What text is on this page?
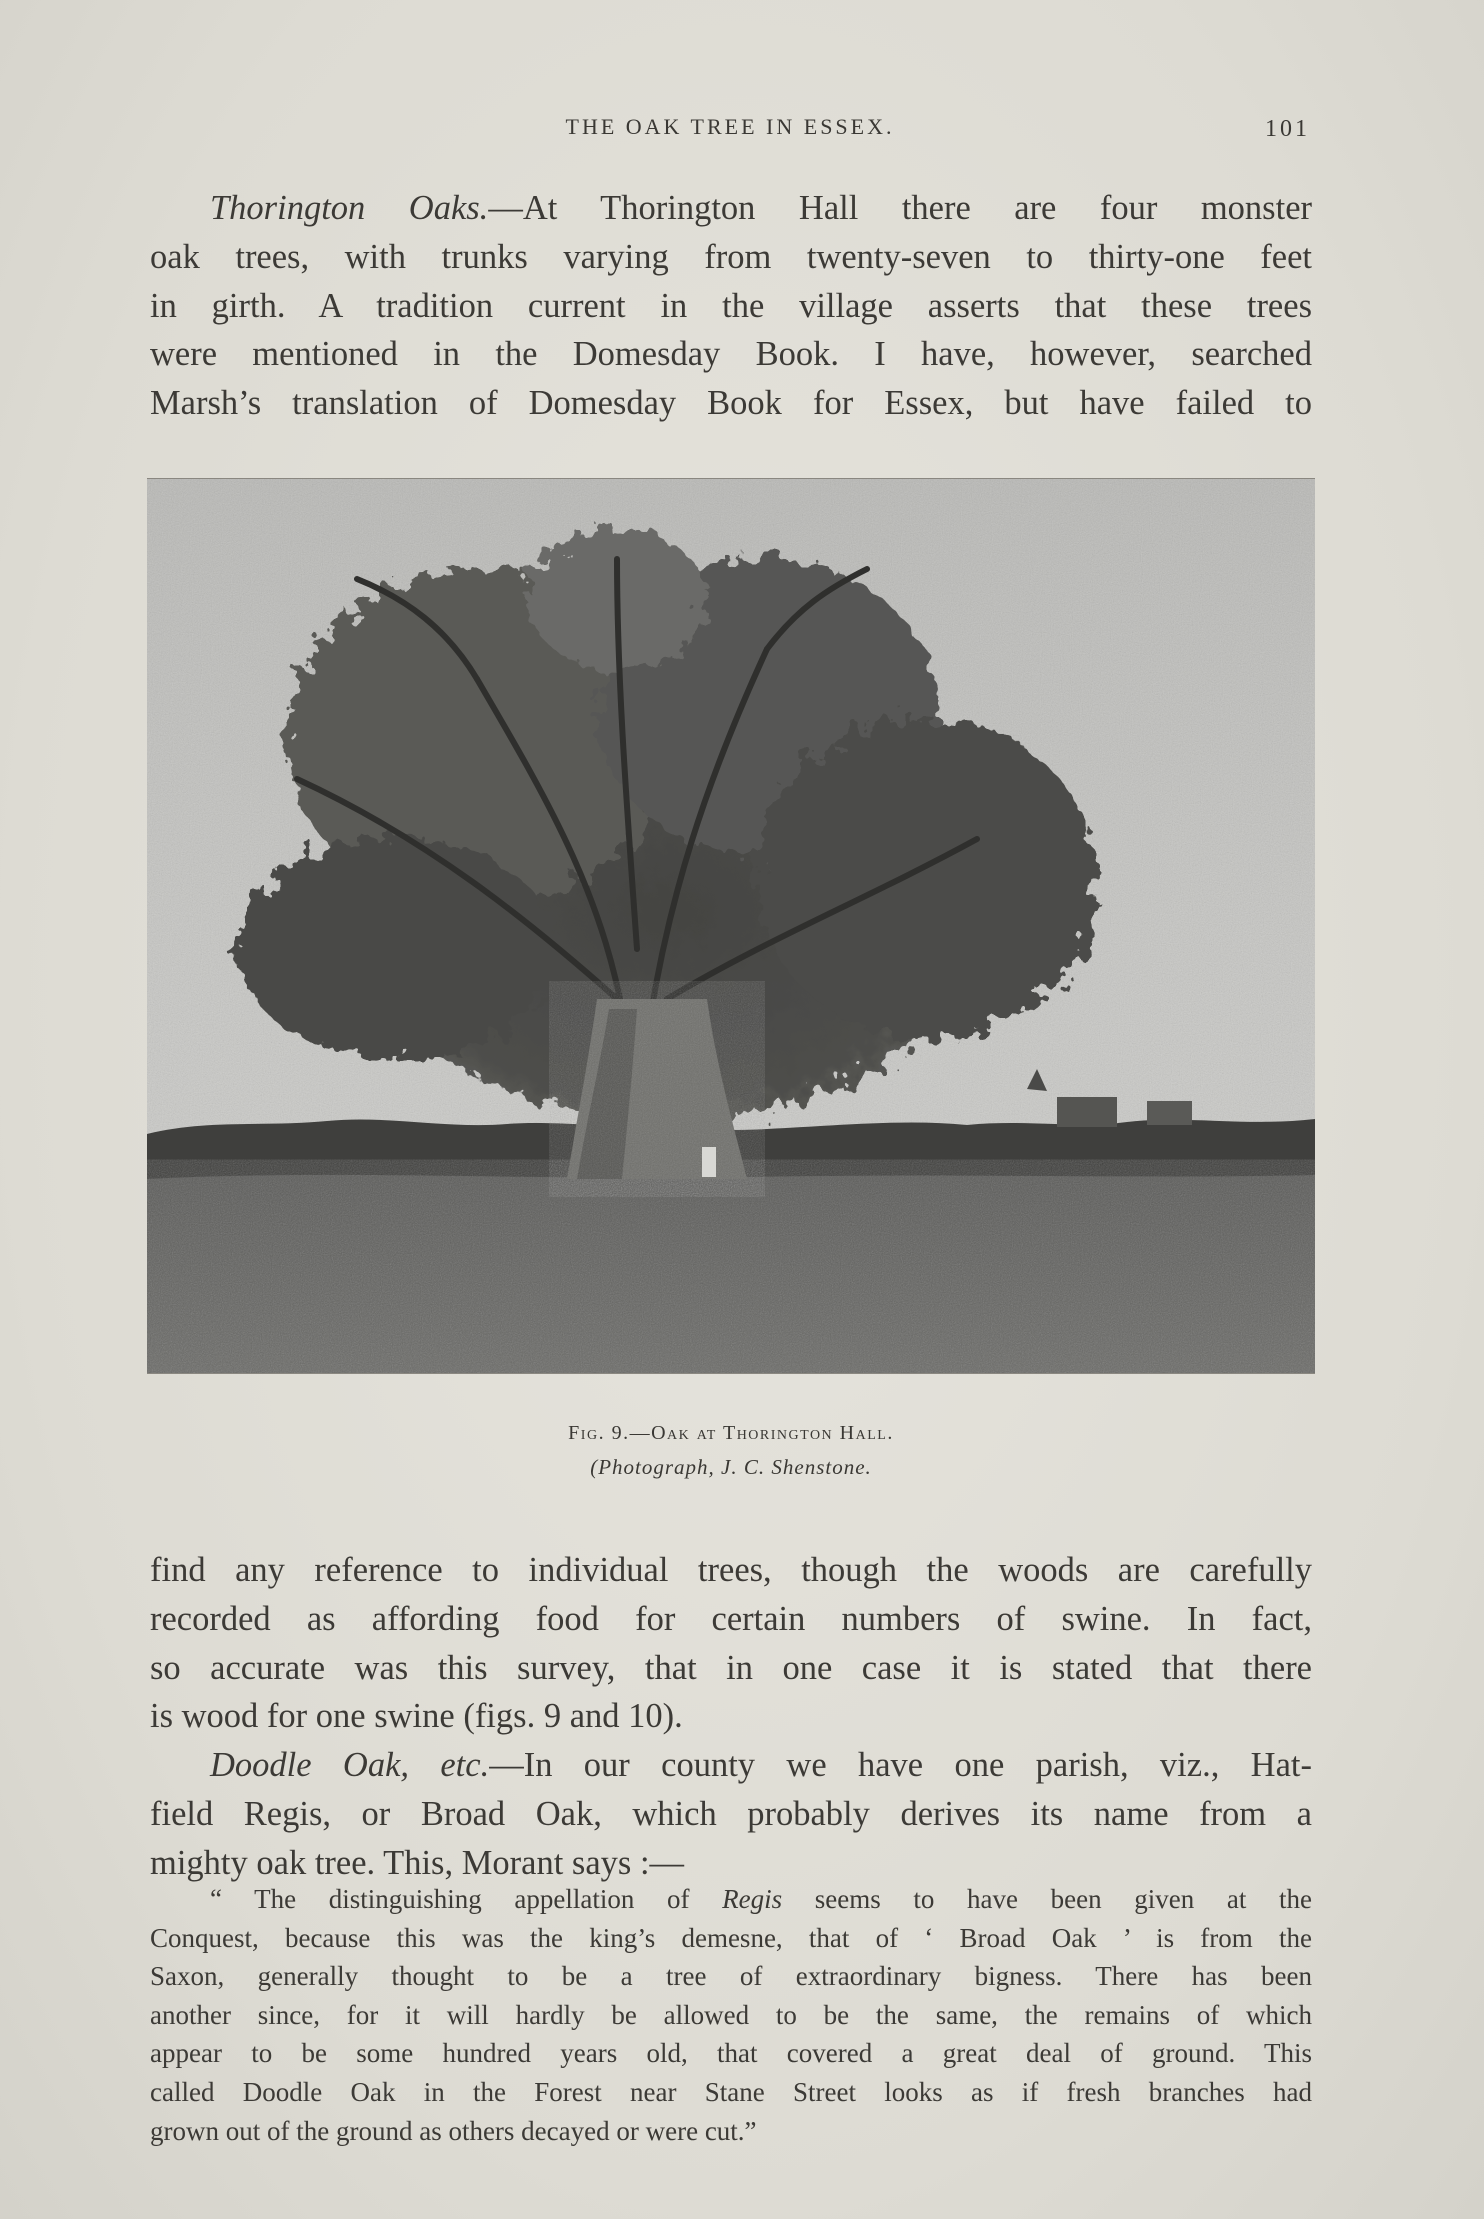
THE OAK TREE IN ESSEX.	101

Thorington Oaks.—At Thorington Hall there are four monster

oak trees, with trunks varying from twenty-seven to thirty-one feet

in girth. A tradition current in the village asserts that these trees

were mentioned in the Domesday Book. I have, however, searched

Marsh’s translation of Domesday Book for Essex, but have failed to

Fig. 9.—Oak at Thorington Hall.
(Photograph, J. C. Shenstone.

find any reference to individual trees, though the woods are carefully

recorded as affording food for certain numbers of swine. In fact,

so accurate was this survey, that in one case it is stated that there

is wood for one swine (figs. 9 and 10).

Doodle Oak, etc.—In our county we have one parish, viz., Hat-

field Regis, or Broad Oak, which probably derives its name from a

mighty oak tree. This, Morant says :—

“ The distinguishing appellation of Regis seems to have been given at the

Conquest, because this was the king’s demesne, that of ‘ Broad Oak ’ is from the

Saxon, generally thought to be a tree of extraordinary bigness. There has been

another since, for it will hardly be allowed to be the same, the remains of which

appear to be some hundred years old, that covered a great deal of ground. This

called Doodle Oak in the Forest near Stane Street looks as if fresh branches had

grown out of the ground as others decayed or were cut.”
